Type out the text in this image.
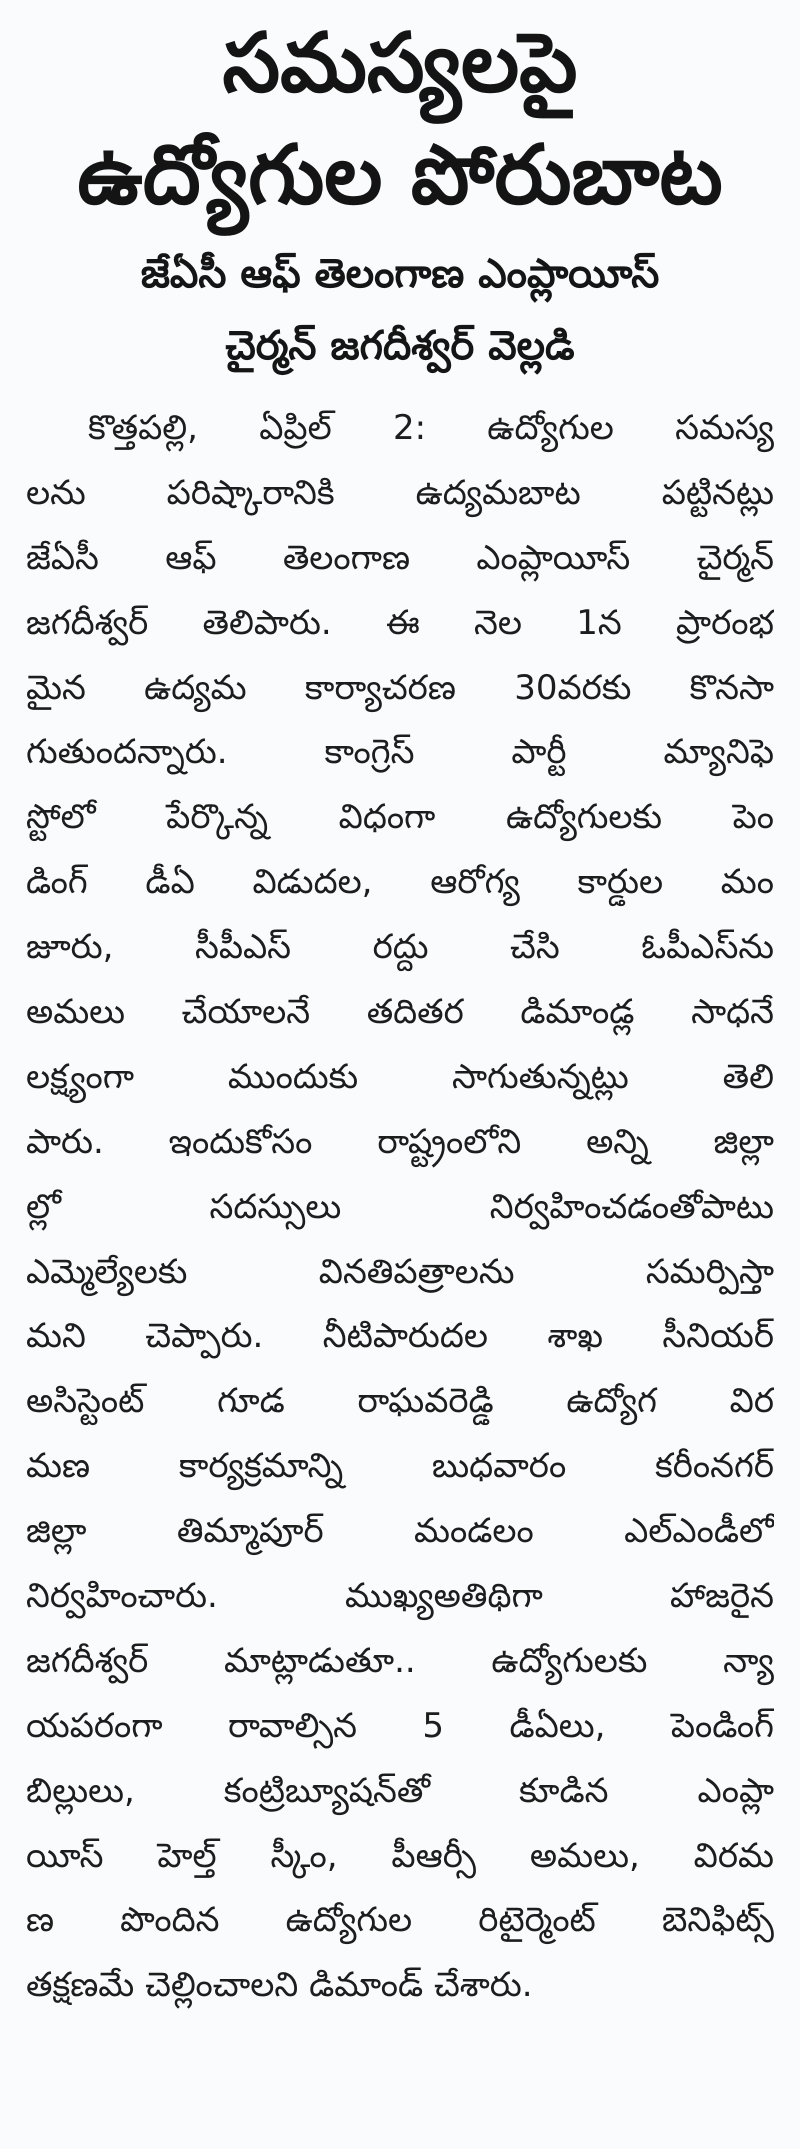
సమస్యలపై
ఉద్యోగుల పోరుబాట
జేఏసీ ఆఫ్ తెలంగాణ ఎంప్లాయీస్
చైర్మన్ జగదీశ్వర్ వెల్లడి
కొత్తపల్లి, ఏప్రిల్ 2: ఉద్యోగుల సమస్య
లను పరిష్కారానికి ఉద్యమబాట పట్టినట్లు
జేఏసీ ఆఫ్ తెలంగాణ ఎంప్లాయీస్ చైర్మన్
జగదీశ్వర్ తెలిపారు. ఈ నెల 1న ప్రారంభ
మైన ఉద్యమ కార్యాచరణ 30వరకు కొనసా
గుతుందన్నారు. కాంగ్రెస్ పార్టీ మ్యానిఫె
స్టోలో పేర్కొన్న విధంగా ఉద్యోగులకు పెం
డింగ్ డీఏ విడుదల, ఆరోగ్య కార్డుల మం
జూరు, సీపీఎస్ రద్దు చేసి ఓపీఎస్‌ను
అమలు చేయాలనే తదితర డిమాండ్ల సాధనే
లక్ష్యంగా ముందుకు సాగుతున్నట్లు తెలి
పారు. ఇందుకోసం రాష్ట్రంలోని అన్ని జిల్లా
ల్లో సదస్సులు నిర్వహించడంతోపాటు
ఎమ్మెల్యేలకు వినతిపత్రాలను సమర్పిస్తా
మని చెప్పారు. నీటిపారుదల శాఖ సీనియర్
అసిస్టెంట్ గూడ రాఘవరెడ్డి ఉద్యోగ విర
మణ కార్యక్రమాన్ని బుధవారం కరీంనగర్
జిల్లా తిమ్మాపూర్ మండలం ఎల్‌ఎండీలో
నిర్వహించారు. ముఖ్యఅతిథిగా హాజరైన
జగదీశ్వర్ మాట్లాడుతూ.. ఉద్యోగులకు న్యా
యపరంగా రావాల్సిన 5 డీఏలు, పెండింగ్
బిల్లులు, కంట్రిబ్యూషన్‌తో కూడిన ఎంప్లా
యీస్ హెల్త్ స్కీం, పీఆర్సీ అమలు, విరమ
ణ పొందిన ఉద్యోగుల రిటైర్మెంట్ బెనిఫిట్స్
తక్షణమే చెల్లించాలని డిమాండ్ చేశారు.
